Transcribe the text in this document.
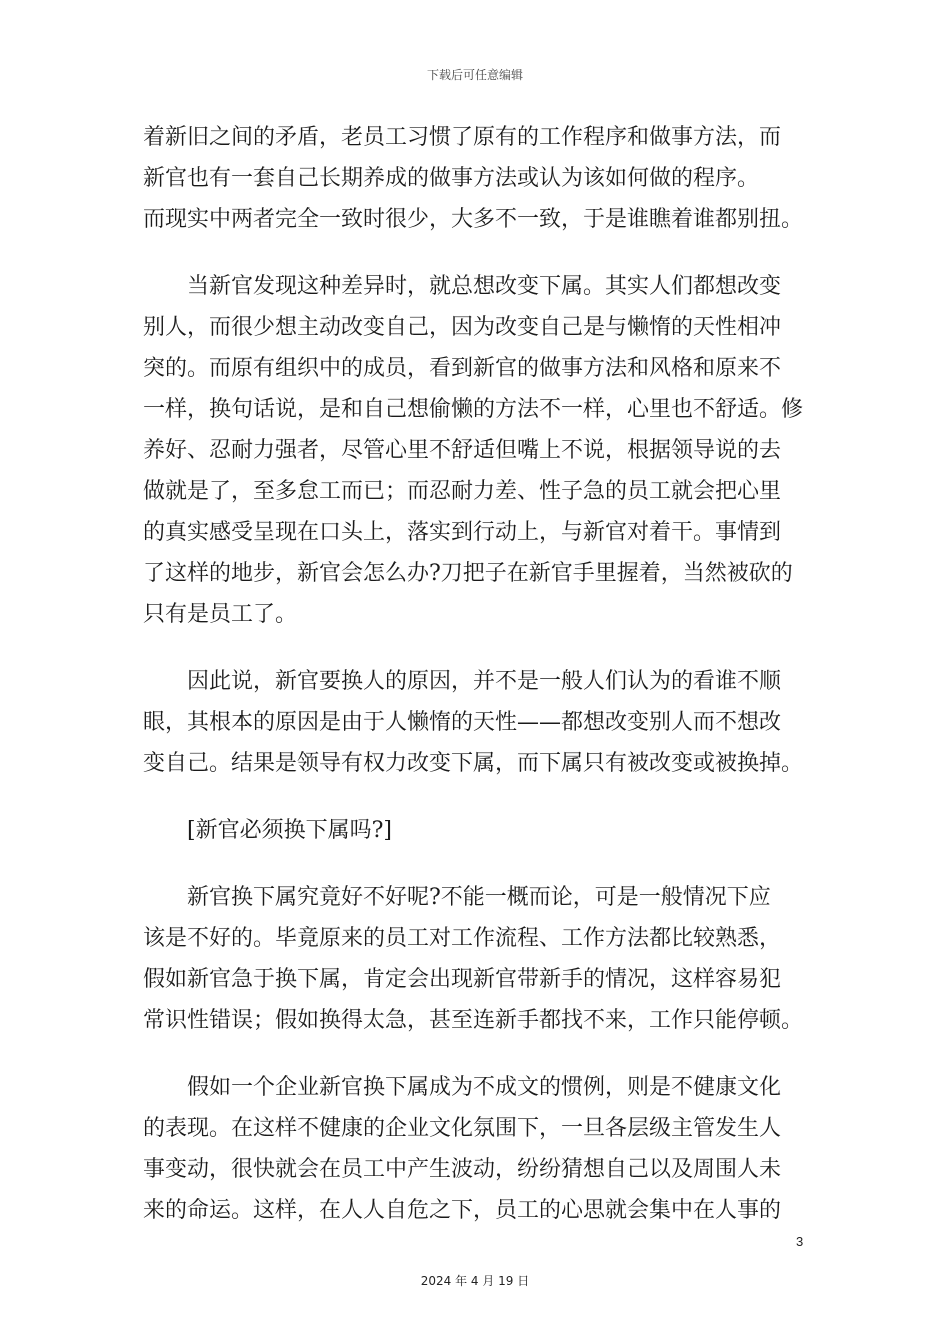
下载后可任意编辑

着新旧之间的矛盾，老员工习惯了原有的工作程序和做事方法，而
新官也有一套自己长期养成的做事方法或认为该如何做的程序。
而现实中两者完全一致时很少，大多不一致，于是谁瞧着谁都别扭。

当新官发现这种差异时，就总想改变下属。其实人们都想改变
别人，而很少想主动改变自己，因为改变自己是与懒惰的天性相冲
突的。而原有组织中的成员，看到新官的做事方法和风格和原来不
一样，换句话说，是和自己想偷懒的方法不一样，心里也不舒适。修
养好、忍耐力强者，尽管心里不舒适但嘴上不说，根据领导说的去
做就是了，至多怠工而已；而忍耐力差、性子急的员工就会把心里
的真实感受呈现在口头上，落实到行动上，与新官对着干。事情到
了这样的地步，新官会怎么办?刀把子在新官手里握着，当然被砍的
只有是员工了。

因此说，新官要换人的原因，并不是一般人们认为的看谁不顺
眼，其根本的原因是由于人懒惰的天性——都想改变别人而不想改
变自己。结果是领导有权力改变下属，而下属只有被改变或被换掉。

[新官必须换下属吗?]

新官换下属究竟好不好呢?不能一概而论，可是一般情况下应
该是不好的。毕竟原来的员工对工作流程、工作方法都比较熟悉，
假如新官急于换下属，肯定会出现新官带新手的情况，这样容易犯
常识性错误；假如换得太急，甚至连新手都找不来，工作只能停顿。

假如一个企业新官换下属成为不成文的惯例，则是不健康文化
的表现。在这样不健康的企业文化氛围下，一旦各层级主管发生人
事变动，很快就会在员工中产生波动，纷纷猜想自己以及周围人未
来的命运。这样，在人人自危之下，员工的心思就会集中在人事的

3
2024 年 4 月 19 日
